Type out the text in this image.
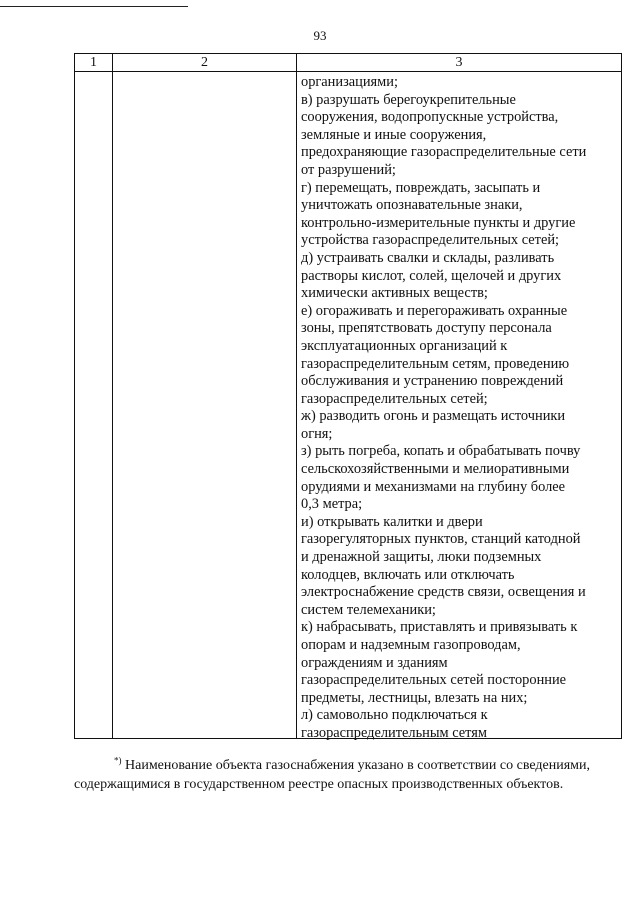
93
1	2	3
организациями;
в) разрушать берегоукрепительные
сооружения, водопропускные устройства,
земляные и иные сооружения,
предохраняющие газораспределительные сети
от разрушений;
г) перемещать, повреждать, засыпать и
уничтожать опознавательные знаки,
контрольно-измерительные пункты и другие
устройства газораспределительных сетей;
д) устраивать свалки и склады, разливать
растворы кислот, солей, щелочей и других
химически активных веществ;
е) огораживать и перегораживать охранные
зоны, препятствовать доступу персонала
эксплуатационных организаций к
газораспределительным сетям, проведению
обслуживания и устранению повреждений
газораспределительных сетей;
ж) разводить огонь и размещать источники
огня;
з) рыть погреба, копать и обрабатывать почву
сельскохозяйственными и мелиоративными
орудиями и механизмами на глубину более
0,3 метра;
и) открывать калитки и двери
газорегуляторных пунктов, станций катодной
и дренажной защиты, люки подземных
колодцев, включать или отключать
электроснабжение средств связи, освещения и
систем телемеханики;
к) набрасывать, приставлять и привязывать к
опорам и надземным газопроводам,
ограждениям и зданиям
газораспределительных сетей посторонние
предметы, лестницы, влезать на них;
л) самовольно подключаться к
газораспределительным сетям
*) Наименование объекта газоснабжения указано в соответствии со сведениями,
содержащимися в государственном реестре опасных производственных объектов.
